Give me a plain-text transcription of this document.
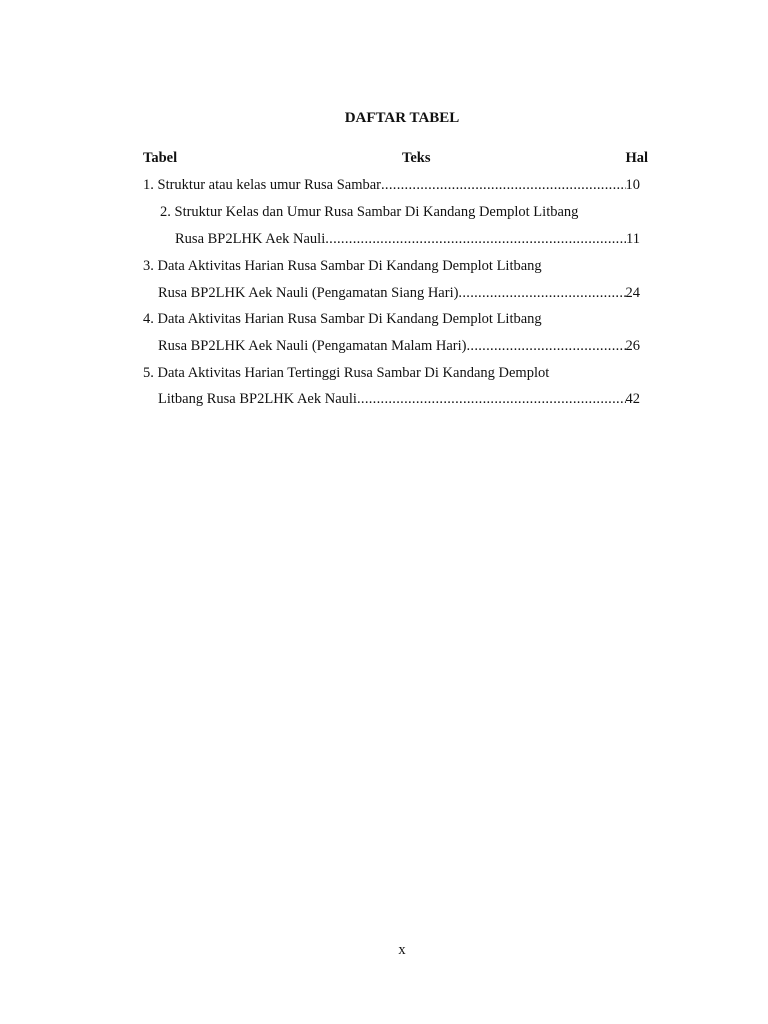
DAFTAR TABEL
Tabel	Teks	Hal
1. Struktur atau kelas umur Rusa Sambar .....	10
2. Struktur Kelas dan Umur Rusa Sambar Di Kandang Demplot Litbang
Rusa BP2LHK Aek Nauli .....	11
3. Data Aktivitas Harian Rusa Sambar Di Kandang Demplot Litbang
Rusa BP2LHK Aek Nauli (Pengamatan Siang Hari) .....	24
4. Data Aktivitas Harian Rusa Sambar Di Kandang Demplot Litbang
Rusa BP2LHK Aek Nauli (Pengamatan Malam Hari) .....	26
5. Data Aktivitas Harian Tertinggi Rusa Sambar Di Kandang Demplot
Litbang Rusa BP2LHK Aek Nauli .....	42
x
